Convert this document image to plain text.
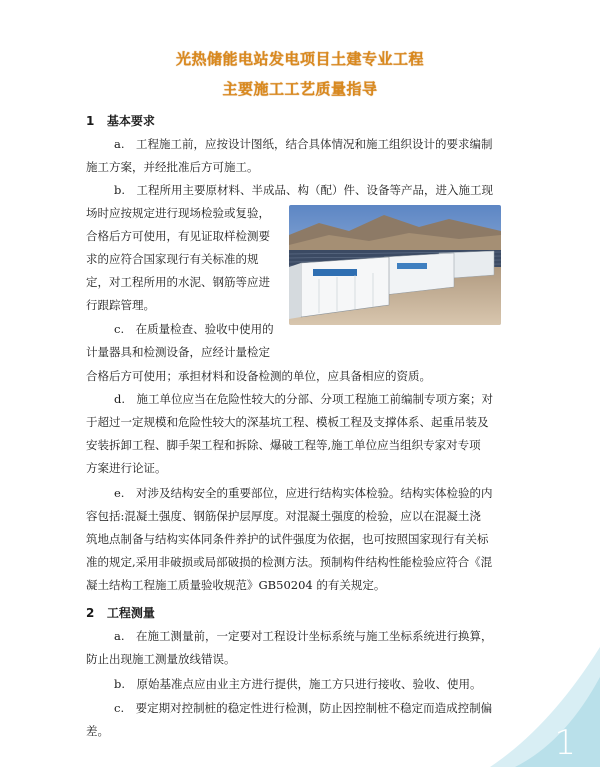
光热储能电站发电项目土建专业工程
主要施工工艺质量指导
1 基本要求
a.　工程施工前，应按设计图纸，结合具体情况和施工组织设计的要求编制
施工方案，并经批准后方可施工。
b.　工程所用主要原材料、半成品、构（配）件、设备等产品，进入施工现
场时应按规定进行现场检验或复验，
合格后方可使用，有见证取样检测要
求的应符合国家现行有关标准的规
定，对工程所用的水泥、钢筋等应进
行跟踪管理。
c.　在质量检查、验收中使用的
计量器具和检测设备，应经计量检定
合格后方可使用；承担材料和设备检测的单位，应具备相应的资质。
d.　施工单位应当在危险性较大的分部、分项工程施工前编制专项方案；对
于超过一定规模和危险性较大的深基坑工程、模板工程及支撑体系、起重吊装及
安装拆卸工程、脚手架工程和拆除、爆破工程等,施工单位应当组织专家对专项
方案进行论证。
e.　对涉及结构安全的重要部位，应进行结构实体检验。结构实体检验的内
容包括:混凝土强度、钢筋保护层厚度。对混凝土强度的检验，应以在混凝土浇
筑地点制备与结构实体同条件养护的试件强度为依据，也可按照国家现行有关标
准的规定,采用非破损或局部破损的检测方法。预制构件结构性能检验应符合《混
凝土结构工程施工质量验收规范》GB50204 的有关规定。
2 工程测量
a.　在施工测量前，一定要对工程设计坐标系统与施工坐标系统进行换算，
防止出现施工测量放线错误。
b.　原始基准点应由业主方进行提供，施工方只进行接收、验收、使用。
c.　要定期对控制桩的稳定性进行检测，防止因控制桩不稳定而造成控制偏
差。	1
